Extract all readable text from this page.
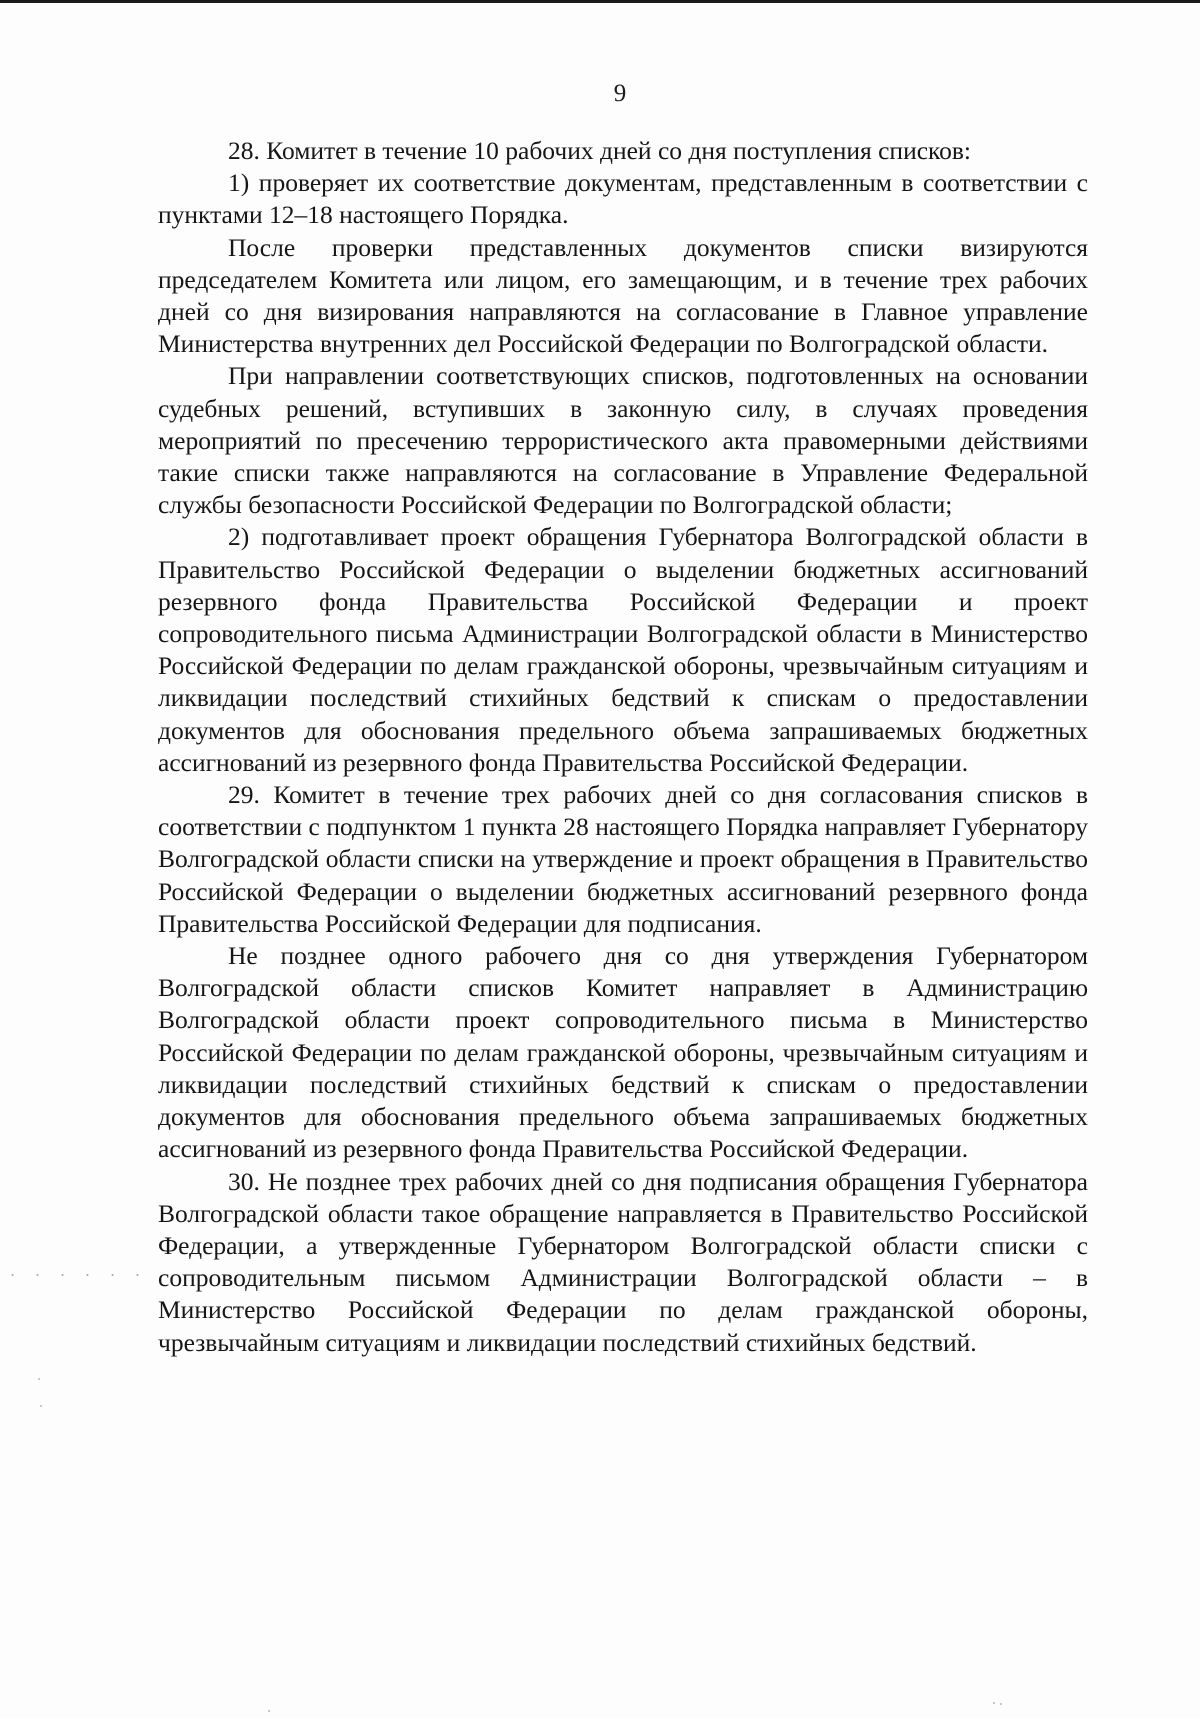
9

28. Комитет в течение 10 рабочих дней со дня поступления списков:

1) проверяет их соответствие документам, представленным в соответствии с пунктами 12–18 настоящего Порядка.

После проверки представленных документов списки визируются председателем Комитета или лицом, его замещающим, и в течение трех рабочих дней со дня визирования направляются на согласование в Главное управление Министерства внутренних дел Российской Федерации по Волгоградской области.

При направлении соответствующих списков, подготовленных на основании судебных решений, вступивших в законную силу, в случаях проведения мероприятий по пресечению террористического акта правомерными действиями такие списки также направляются на согласование в Управление Федеральной службы безопасности Российской Федерации по Волгоградской области;

2) подготавливает проект обращения Губернатора Волгоградской области в Правительство Российской Федерации о выделении бюджетных ассигнований резервного фонда Правительства Российской Федерации и проект сопроводительного письма Администрации Волгоградской области в Министерство Российской Федерации по делам гражданской обороны, чрезвычайным ситуациям и ликвидации последствий стихийных бедствий к спискам о предоставлении документов для обоснования предельного объема запрашиваемых бюджетных ассигнований из резервного фонда Правительства Российской Федерации.

29. Комитет в течение трех рабочих дней со дня согласования списков в соответствии с подпунктом 1 пункта 28 настоящего Порядка направляет Губернатору Волгоградской области списки на утверждение и проект обращения в Правительство Российской Федерации о выделении бюджетных ассигнований резервного фонда Правительства Российской Федерации для подписания.

Не позднее одного рабочего дня со дня утверждения Губернатором Волгоградской области списков Комитет направляет в Администрацию Волгоградской области проект сопроводительного письма в Министерство Российской Федерации по делам гражданской обороны, чрезвычайным ситуациям и ликвидации последствий стихийных бедствий к спискам о предоставлении документов для обоснования предельного объема запрашиваемых бюджетных ассигнований из резервного фонда Правительства Российской Федерации.

30. Не позднее трех рабочих дней со дня подписания обращения Губернатора Волгоградской области такое обращение направляется в Правительство Российской Федерации, а утвержденные Губернатором Волгоградской области списки с сопроводительным письмом Администрации Волгоградской области – в Министерство Российской Федерации по делам гражданской обороны, чрезвычайным ситуациям и ликвидации последствий стихийных бедствий.
